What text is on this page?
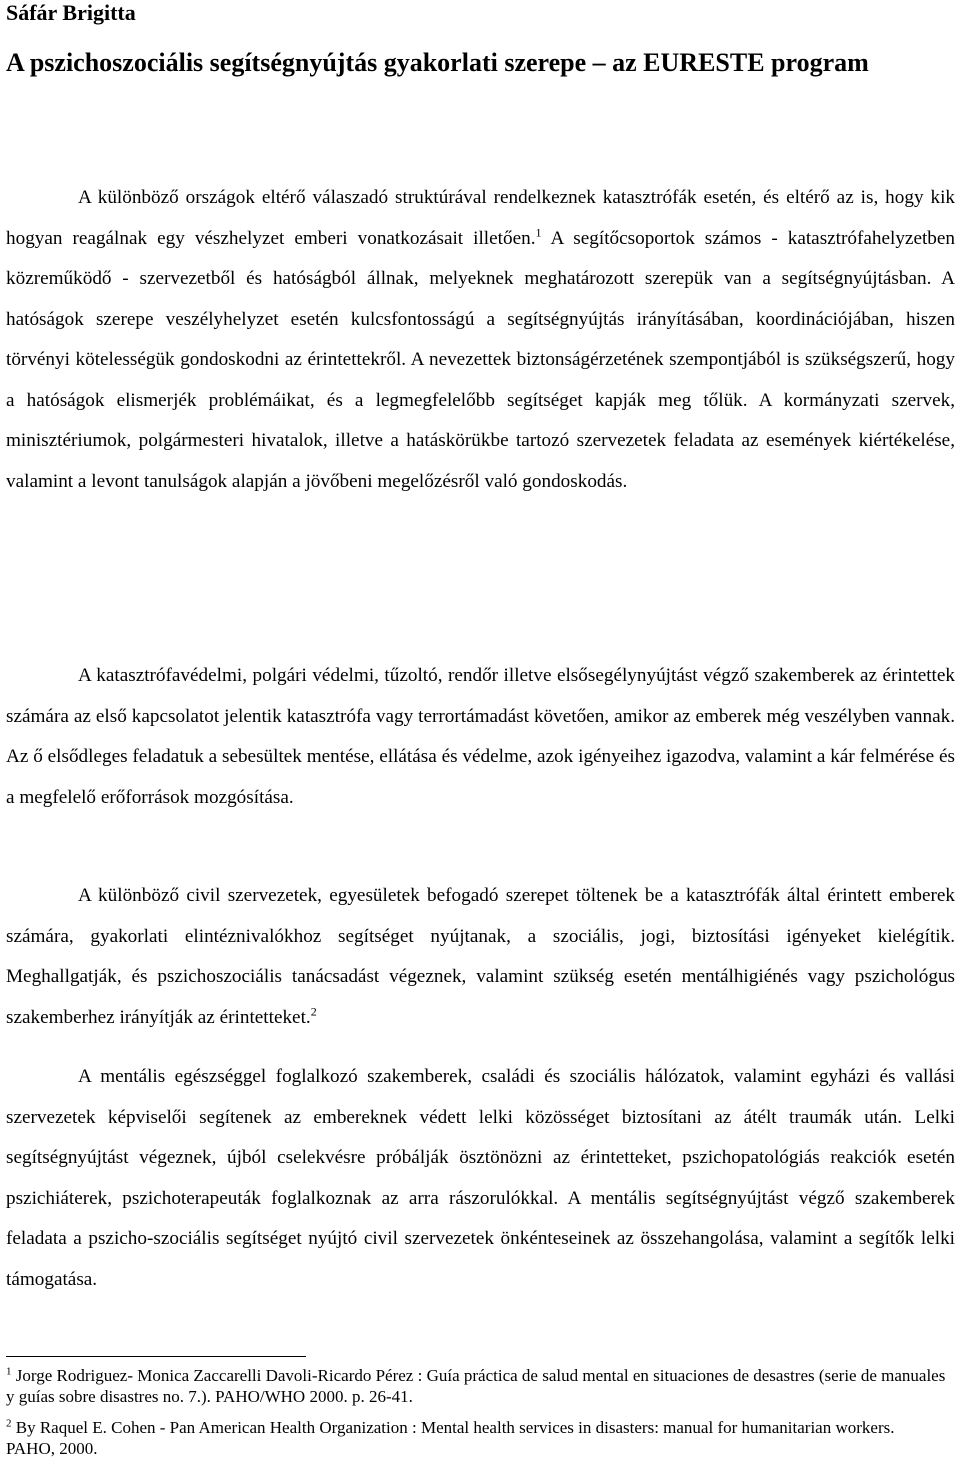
Sáfár Brigitta
A pszichoszociális segítségnyújtás gyakorlati szerepe – az EURESTE program

A különböző országok eltérő válaszadó struktúrával rendelkeznek katasztrófák esetén, és eltérő az is, hogy kik hogyan reagálnak egy vészhelyzet emberi vonatkozásait illetően.$^1$ A segítőcsoportok számos - katasztrófahelyzetben közreműködő - szervezetből és hatóságból állnak, melyeknek meghatározott szerepük van a segítségnyújtásban. A hatóságok szerepe veszélyhelyzet esetén kulcsfontosságú a segítségnyújtás irányításában, koordinációjában, hiszen törvényi kötelességük gondoskodni az érintettekről. A nevezettek biztonságérzetének szempontjából is szükségszerű, hogy a hatóságok elismerjék problémáikat, és a legmegfelelőbb segítséget kapják meg tőlük. A kormányzati szervek, minisztériumok, polgármesteri hivatalok, illetve a hatáskörükbe tartozó szervezetek feladata az események kiértékelése, valamint a levont tanulságok alapján a jövőbeni megelőzésről való gondoskodás.

A katasztrófavédelmi, polgári védelmi, tűzoltó, rendőr illetve elsősegélynyújtást végző szakemberek az érintettek számára az első kapcsolatot jelentik katasztrófa vagy terrortámadást követően, amikor az emberek még veszélyben vannak. Az ő elsődleges feladatuk a sebesültek mentése, ellátása és védelme, azok igényeihez igazodva, valamint a kár felmérése és a megfelelő erőforrások mozgósítása.

A különböző civil szervezetek, egyesületek befogadó szerepet töltenek be a katasztrófák által érintett emberek számára, gyakorlati elintéznivalókhoz segítséget nyújtanak, a szociális, jogi, biztosítási igényeket kielégítik. Meghallgatják, és pszichoszociális tanácsadást végeznek, valamint szükség esetén mentálhigiénés vagy pszichológus szakemberhez irányítják az érintetteket.$^2$

A mentális egészséggel foglalkozó szakemberek, családi és szociális hálózatok, valamint egyházi és vallási szervezetek képviselői segítenek az embereknek védett lelki közösséget biztosítani az átélt traumák után. Lelki segítségnyújtást végeznek, újból cselekvésre próbálják ösztönözni az érintetteket, pszichopatológiás reakciók esetén pszichiáterek, pszichoterapeuták foglalkoznak az arra rászorulókkal. A mentális segítségnyújtást végző szakemberek feladata a pszicho-szociális segítséget nyújtó civil szervezetek önkénteseinek az összehangolása, valamint a segítők lelki támogatása.

$^1$ Jorge Rodriguez- Monica Zaccarelli Davoli-Ricardo Pérez : Guía práctica de salud mental en situaciones de desastres (serie de manuales y guías sobre disastres no. 7.). PAHO/WHO 2000. p. 26-41.

$^2$ By Raquel E. Cohen - Pan American Health Organization : Mental health services in disasters: manual for humanitarian workers. PAHO, 2000.
